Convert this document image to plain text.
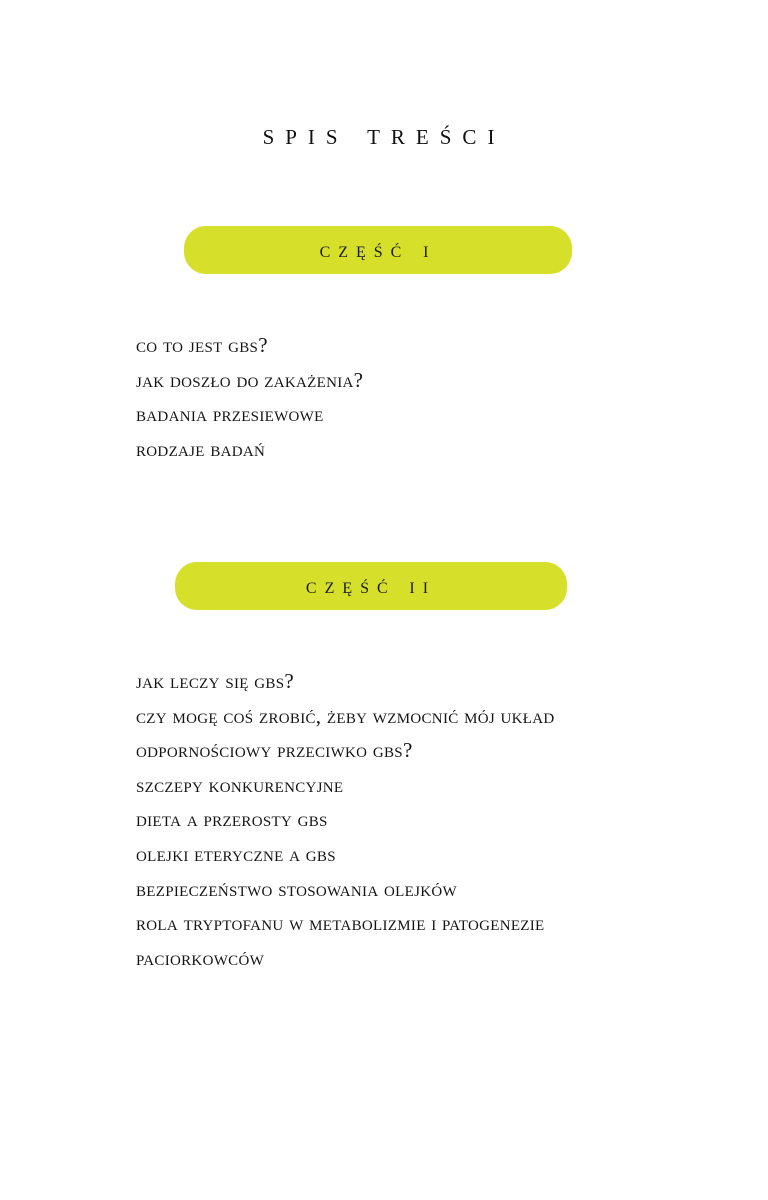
spis treści
część i
co to jest gbs?
jak doszło do zakażenia?
badania przesiewowe
rodzaje badań
część ii
jak leczy się gbs?
czy mogę coś zrobić, żeby wzmocnić mój układ odpornościowy przeciwko gbs?
szczepy konkurencyjne
dieta a przerosty gbs
olejki eteryczne a gbs
bezpieczeństwo stosowania olejków
rola tryptofanu w metabolizmie i patogenezie paciorkowców
